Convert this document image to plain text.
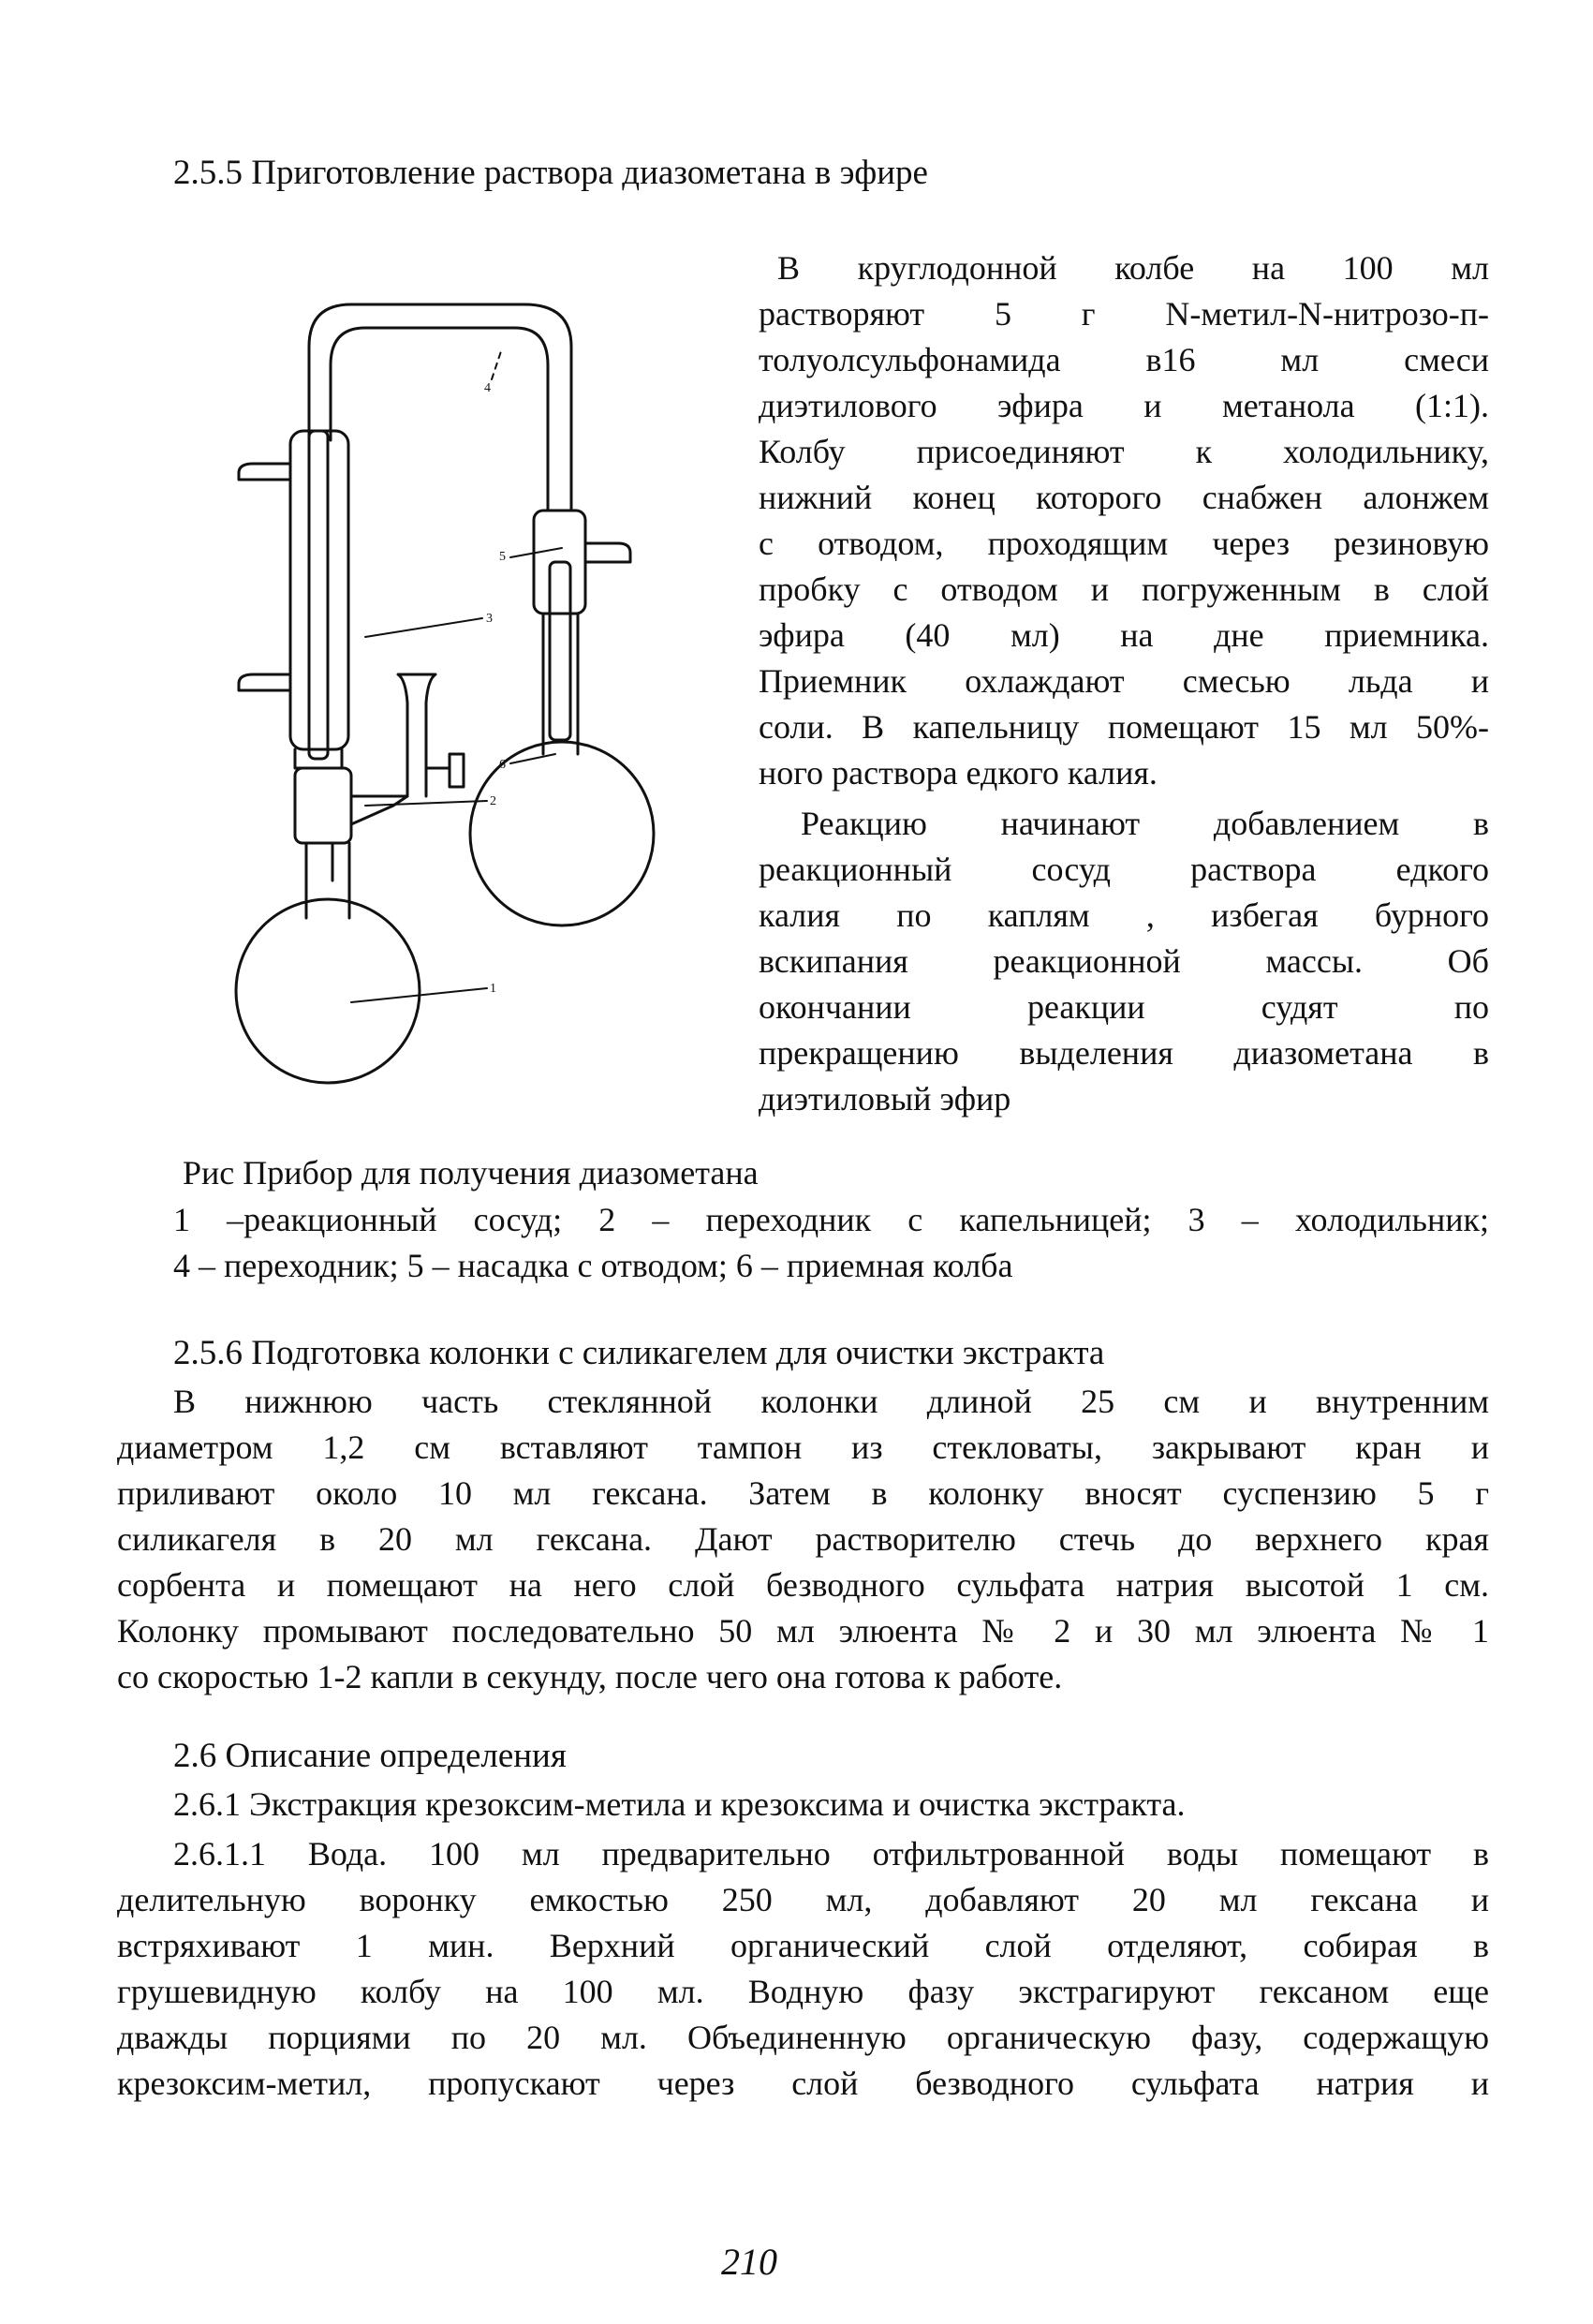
2.5.5 Приготовление раствора диазометана в эфире
В круглодонной колбе на 100 мл
растворяют 5 г N-метил-N-нитрозо-п-
толуолсульфонамида в16 мл смеси
диэтилового эфира и метанола (1:1).
Колбу присоединяют к холодильнику,
нижний конец которого снабжен алонжем
с отводом, проходящим через резиновую
пробку с отводом и погруженным в слой
эфира (40 мл) на дне приемника.
Приемник охлаждают смесью льда и
соли. В капельницу помещают 15 мл 50%-
ного раствора едкого калия.
Реакцию начинают добавлением в
реакционный сосуд раствора едкого
калия по каплям , избегая бурного
вскипания реакционной массы. Об
окончании реакции судят по
прекращению выделения диазометана в
диэтиловый эфир
3
2
1
5
4
6
Рис Прибор для получения диазометана
1 –реакционный сосуд; 2 – переходник с капельницей; 3 – холодильник;
4 – переходник; 5 – насадка с отводом; 6 – приемная колба
2.5.6 Подготовка колонки с силикагелем для очистки экстракта
В нижнюю часть стеклянной колонки длиной 25 см и внутренним
диаметром 1,2 см вставляют тампон из стекловаты, закрывают кран и
приливают около 10 мл гексана. Затем в колонку вносят суспензию 5 г
силикагеля в 20 мл гексана. Дают растворителю стечь до верхнего края
сорбента и помещают на него слой безводного сульфата натрия высотой 1 см.
Колонку промывают последовательно 50 мл элюента № 2 и 30 мл элюента № 1
со скоростью 1-2 капли в секунду, после чего она готова к работе.
2.6 Описание определения
2.6.1 Экстракция крезоксим-метила и крезоксима и очистка экстракта.
2.6.1.1 Вода. 100 мл предварительно отфильтрованной воды помещают в
делительную воронку емкостью 250 мл, добавляют 20 мл гексана и
встряхивают 1 мин. Верхний органический слой отделяют, собирая в
грушевидную колбу на 100 мл. Водную фазу экстрагируют гексаном еще
дважды порциями по 20 мл. Объединенную органическую фазу, содержащую
крезоксим-метил, пропускают через слой безводного сульфата натрия и
210
